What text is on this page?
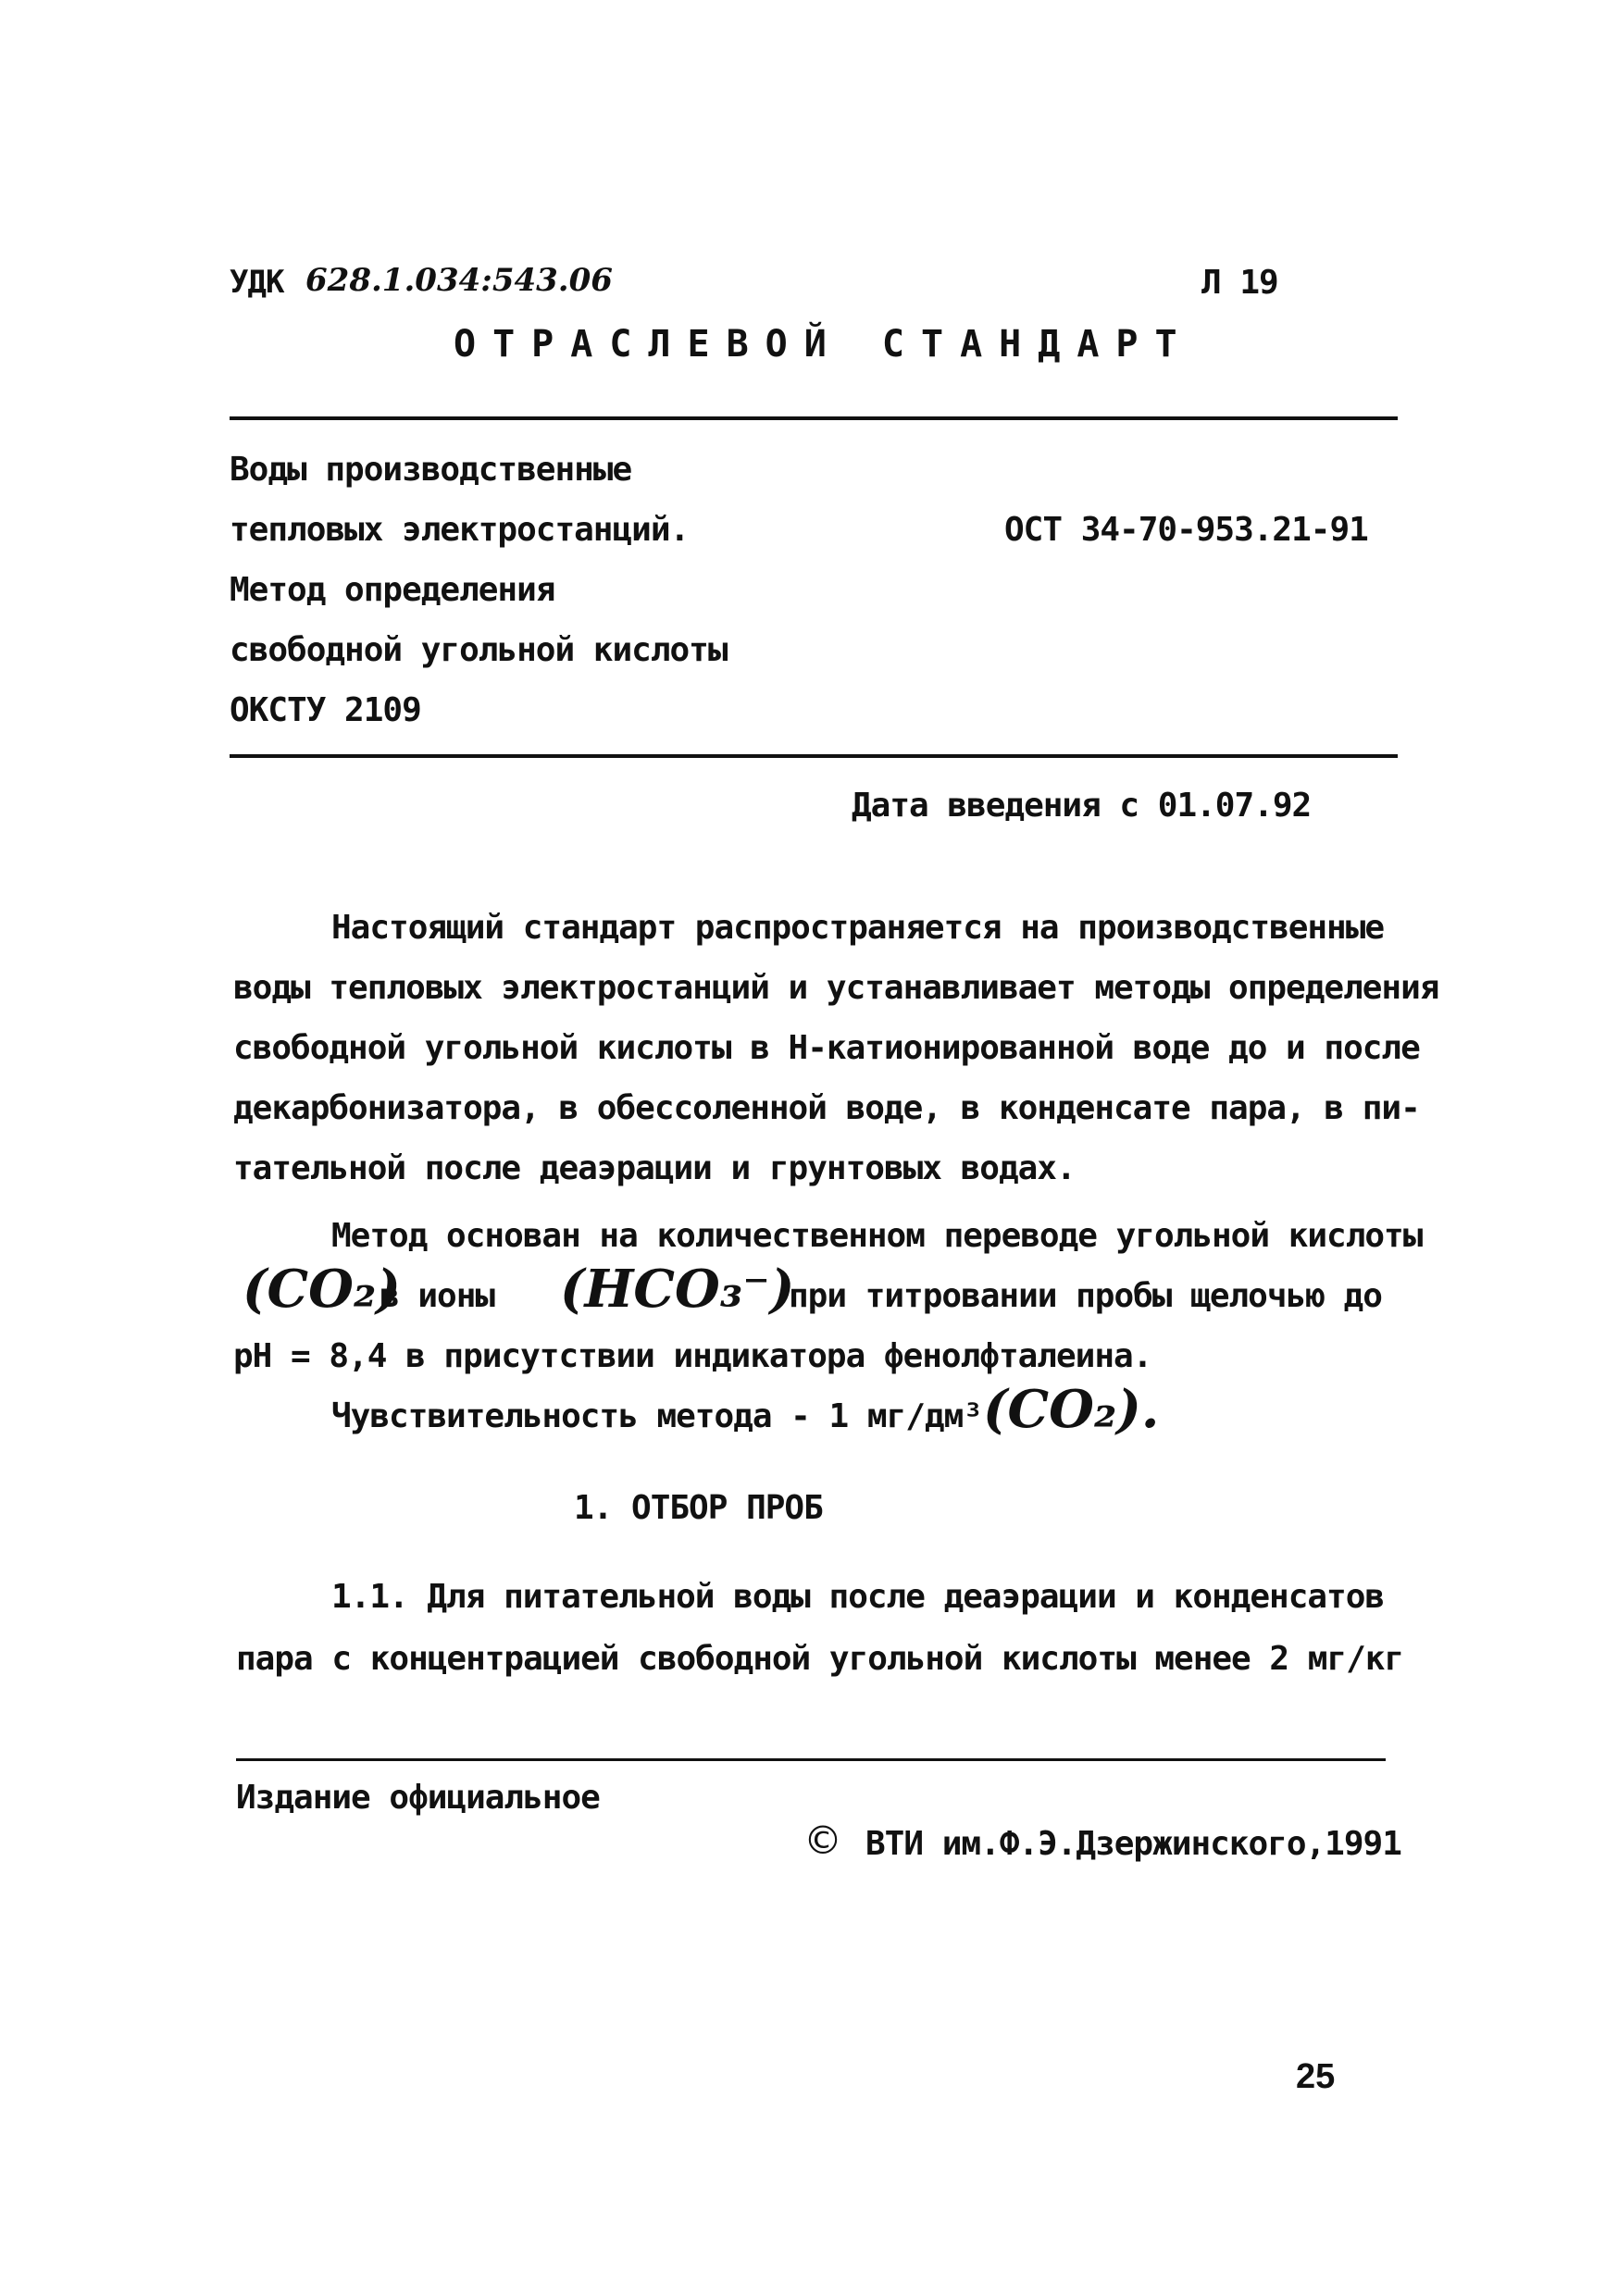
УДК 628.1.034:543.06	Л 19
ОТРАСЛЕВОЙ СТАНДАРТ
Воды производственные
тепловых электростанций.
Метод определения
свободной угольной кислоты
ОКСТУ 2109
ОСТ 34-70-953.21-91
Дата введения с 01.07.92
Настоящий стандарт распространяется на производственные
воды тепловых электростанций и устанавливает методы определения
свободной угольной кислоты в Н-катионированной воде до и после
декарбонизатора, в обессоленной воде, в конденсате пара, в пи-
тательной после деаэрации и грунтовых водах.
Метод основан на количественном переводе угольной кислоты
(CO₂)
в ионы (HCO₃⁻)
при титровании пробы щелочью до
pH = 8,4 в присутствии индикатора фенолфталеина.
Чувствительность метода - 1 мг/дм³ (CO₂).
1. ОТБОР ПРОБ
1.1. Для питательной воды после деаэрации и конденсатов
пара с концентрацией свободной угольной кислоты менее 2 мг/кг
Издание официальное
© ВТИ им.Ф.Э.Дзержинского,1991
25
